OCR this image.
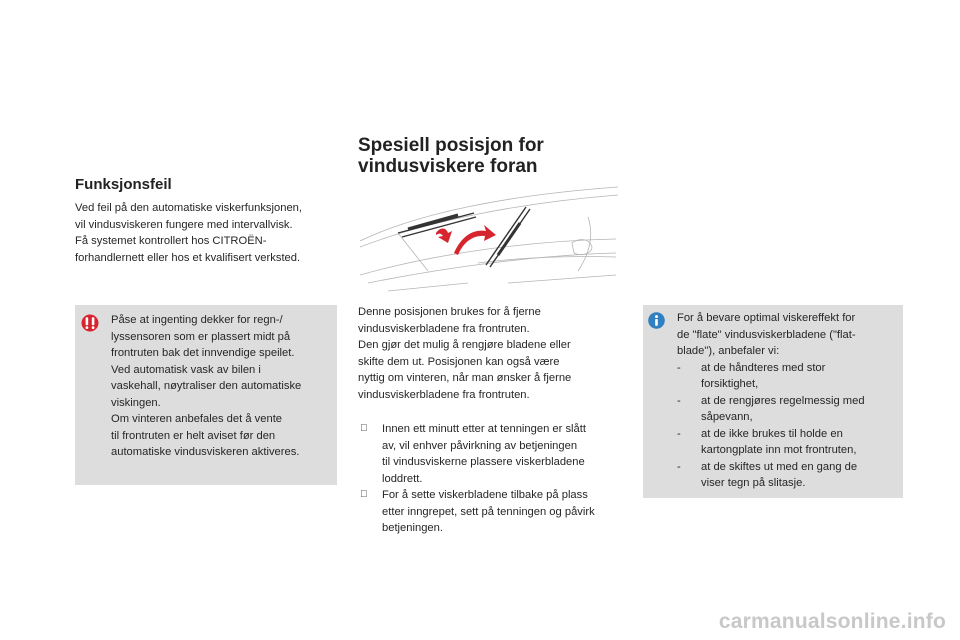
Funksjonsfeil
Ved feil på den automatiske viskerfunksjonen,
vil vindusviskeren fungere med intervallvisk.
Få systemet kontrollert hos CITROËN-
forhandlernett eller hos et kvalifisert verksted.
Påse at ingenting dekker for regn-/
lyssensoren som er plassert midt på
frontruten bak det innvendige speilet.
Ved automatisk vask av bilen i
vaskehall, nøytraliser den automatiske
viskingen.
Om vinteren anbefales det å vente
til frontruten er helt aviset før den
automatiske vindusviskeren aktiveres.
Spesiell posisjon for
vindusviskere foran
Denne posisjonen brukes for å fjerne
vindusviskerbladene fra frontruten.
Den gjør det mulig å rengjøre bladene eller
skifte dem ut. Posisjonen kan også være
nyttig om vinteren, når man ønsker å fjerne
vindusviskerbladene fra frontruten.
Innen ett minutt etter at tenningen er slått
av, vil enhver påvirkning av betjeningen
til vindusviskerne plassere viskerbladene
loddrett.
For å sette viskerbladene tilbake på plass
etter inngrepet, sett på tenningen og påvirk
betjeningen.
For å bevare optimal viskereffekt for
de "flate" vindusviskerbladene ("flat-
blade"), anbefaler vi:
- at de håndteres med stor
forsiktighet,
- at de rengjøres regelmessig med
såpevann,
- at de ikke brukes til holde en
kartongplate inn mot frontruten,
- at de skiftes ut med en gang de
viser tegn på slitasje.
carmanualsonline.info
